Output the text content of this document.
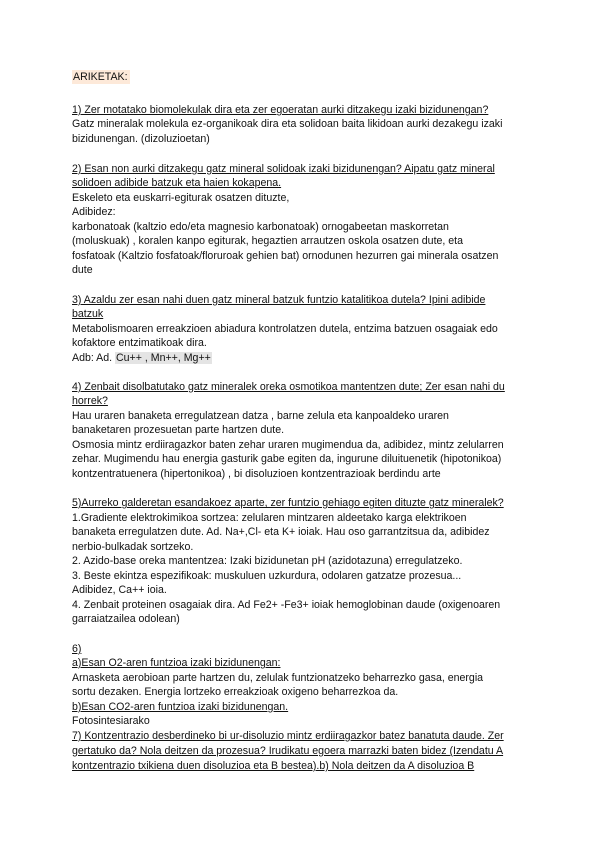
ARIKETAK:
1) Zer motatako biomolekulak dira eta zer egoeratan aurki ditzakegu izaki bizidunengan?
Gatz mineralak molekula ez-organikoak dira eta solidoan baita likidoan aurki dezakegu izaki
bizidunengan. (dizoluzioetan)
2) Esan non aurki ditzakegu gatz mineral solidoak izaki bizidunengan? Aipatu gatz mineral
solidoen adibide batzuk eta haien kokapena.
Eskeleto eta euskarri-egiturak osatzen dituzte,
Adibidez:
karbonatoak (kaltzio edo/eta magnesio karbonatoak) ornogabeetan maskorretan
(moluskuak) , koralen kanpo egiturak, hegaztien arrautzen oskola osatzen dute, eta
fosfatoak (Kaltzio fosfatoak/floruroak gehien bat) ornodunen hezurren gai minerala osatzen
dute
3) Azaldu zer esan nahi duen gatz mineral batzuk funtzio katalitikoa dutela? Ipini adibide
batzuk
Metabolismoaren erreakzioen abiadura kontrolatzen dutela, entzima batzuen osagaiak edo
kofaktore entzimatikoak dira.
Adb: Ad. Cu++ , Mn++, Mg++
4) Zenbait disolbatutako gatz mineralek oreka osmotikoa mantentzen dute; Zer esan nahi du
horrek?
Hau uraren banaketa erregulatzean datza , barne zelula eta kanpoaldeko uraren
banaketaren prozesuetan parte hartzen dute.
Osmosia mintz erdiiragazkor baten zehar uraren mugimendua da, adibidez, mintz zelularren
zehar. Mugimendu hau energia gasturik gabe egiten da, ingurune diluituenetik (hipotonikoa)
kontzentratuenera (hipertonikoa) , bi disoluzioen kontzentrazioak berdindu arte
5)Aurreko galderetan esandakoez aparte, zer funtzio gehiago egiten dituzte gatz mineralek?
1.Gradiente elektrokimikoa sortzea: zelularen mintzaren aldeetako karga elektrikoen
banaketa erregulatzen dute. Ad. Na+,Cl- eta K+ ioiak. Hau oso garrantzitsua da, adibidez
nerbio-bulkadak sortzeko.
2. Azido-base oreka mantentzea: Izaki bizidunetan pH (azidotazuna) erregulatzeko.
3. Beste ekintza espezifikoak: muskuluen uzkurdura, odolaren gatzatze prozesua...
Adibidez, Ca++ ioia.
4. Zenbait proteinen osagaiak dira. Ad Fe2+ -Fe3+ ioiak hemoglobinan daude (oxigenoaren
garraiatzailea odolean)
6)
a)Esan O2-aren funtzioa izaki bizidunengan:
Arnasketa aerobioan parte hartzen du, zelulak funtzionatzeko beharrezko gasa, energia
sortu dezaken. Energia lortzeko erreakzioak oxigeno beharrezkoa da.
b)Esan CO2-aren funtzioa izaki bizidunengan.
Fotosintesiarako
7) Kontzentrazio desberdineko bi ur-disoluzio mintz erdiiragazkor batez banatuta daude. Zer
gertatuko da? Nola deitzen da prozesua? Irudikatu egoera marrazki baten bidez (Izendatu A
kontzentrazio txikiena duen disoluzioa eta B bestea).b) Nola deitzen da A disoluzioa B
